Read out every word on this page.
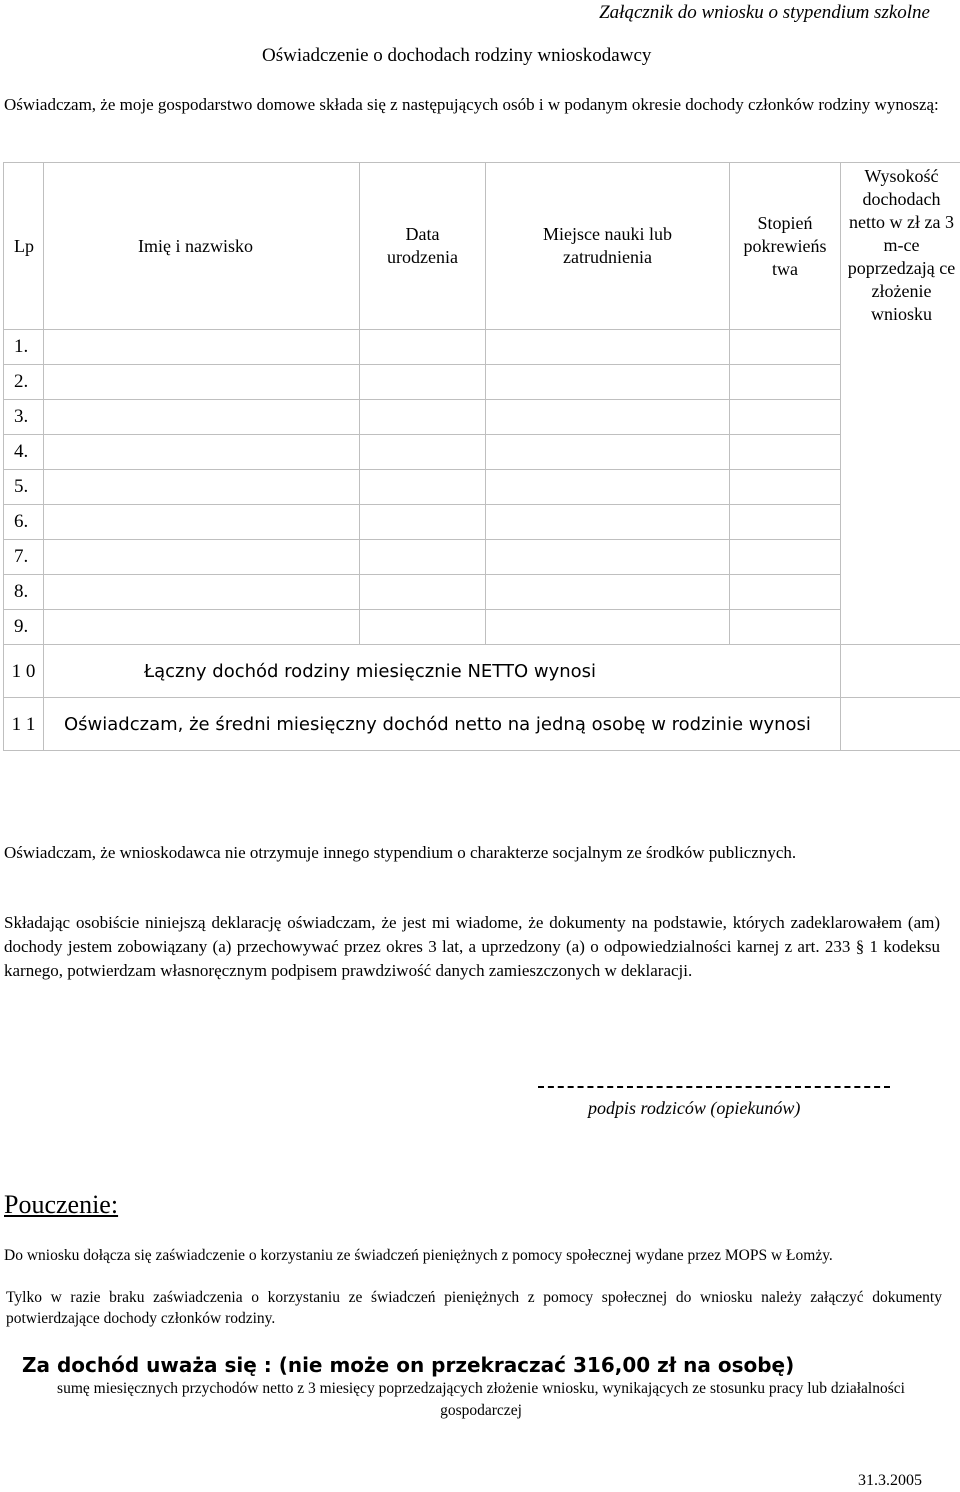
Załącznik do wniosku o stypendium szkolne
Oświadczenie o dochodach rodziny wnioskodawcy
Oświadczam, że moje gospodarstwo domowe składa się z następujących osób i w podanym okresie dochody członków rodziny wynoszą:
Lp	Imię i nazwisko	Data urodzenia	Miejsce nauki lub zatrudnienia	Stopień pokrewieńs twa	Wysokość dochodach netto w zł za 3 m-ce poprzedzają ce złożenie wniosku
1.					
2.					
3.					
4.					
5.					
6.					
7.					
8.					
9.					
1 0	Łączny dochód rodziny miesięcznie NETTO wynosi				
1 1	Oświadczam, że średni miesięczny dochód netto na jedną osobę w rodzinie wynosi				
Oświadczam, że wnioskodawca nie otrzymuje innego stypendium o charakterze socjalnym ze środków publicznych.
Składając osobiście niniejszą deklarację oświadczam, że jest mi wiadome, że dokumenty na podstawie, których zadeklarowałem (am) dochody jestem zobowiązany (a) przechowywać przez okres 3 lat, a uprzedzony (a) o odpowiedzialności karnej z art. 233 § 1 kodeksu karnego, potwierdzam własnoręcznym podpisem prawdziwość danych zamieszczonych w deklaracji.
podpis rodziców (opiekunów)
Pouczenie:
Do wniosku dołącza się zaświadczenie o korzystaniu ze świadczeń pieniężnych z pomocy społecznej wydane przez MOPS w Łomży.
Tylko w razie braku zaświadczenia o korzystaniu ze świadczeń pieniężnych z pomocy społecznej do wniosku należy załączyć dokumenty potwierdzające dochody członków rodziny.
Za dochód uważa się : (nie może on przekraczać 316,00 zł na osobę)
sumę miesięcznych przychodów netto z 3 miesięcy poprzedzających złożenie wniosku, wynikających ze stosunku pracy lub działalności gospodarczej
31.3.2005
